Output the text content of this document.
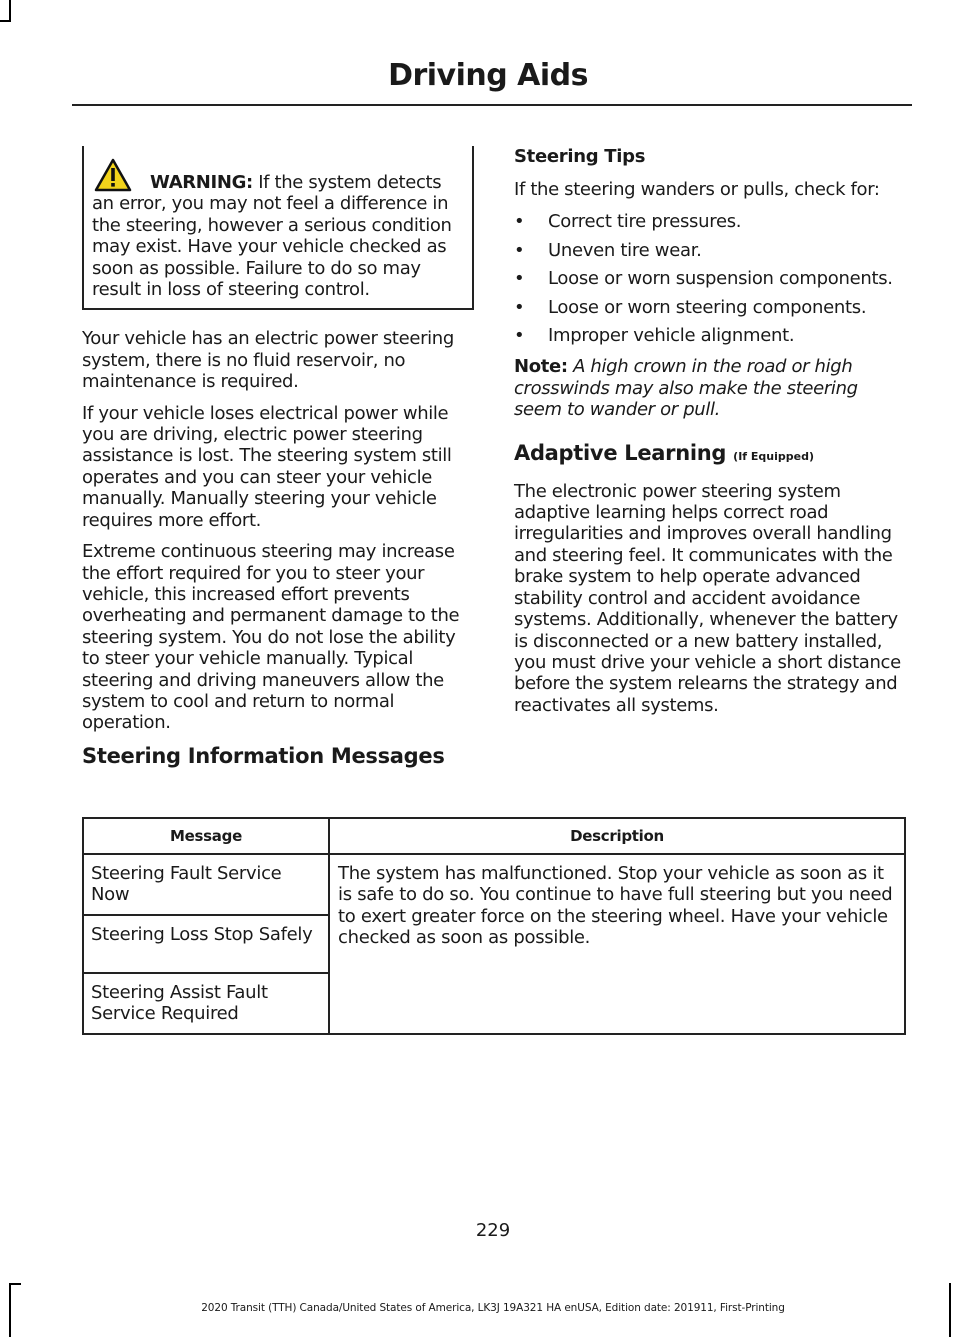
Driving Aids

WARNING: If the system detects an error, you may not feel a difference in the steering, however a serious condition may exist. Have your vehicle checked as soon as possible. Failure to do so may result in loss of steering control.

Your vehicle has an electric power steering system, there is no fluid reservoir, no maintenance is required.

If your vehicle loses electrical power while you are driving, electric power steering assistance is lost. The steering system still operates and you can steer your vehicle manually. Manually steering your vehicle requires more effort.

Extreme continuous steering may increase the effort required for you to steer your vehicle, this increased effort prevents overheating and permanent damage to the steering system. You do not lose the ability to steer your vehicle manually. Typical steering and driving maneuvers allow the system to cool and return to normal operation.

Steering Tips

If the steering wanders or pulls, check for:

• Correct tire pressures.
• Uneven tire wear.
• Loose or worn suspension components.
• Loose or worn steering components.
• Improper vehicle alignment.

Note: A high crown in the road or high crosswinds may also make the steering seem to wander or pull.

Adaptive Learning (If Equipped)

The electronic power steering system adaptive learning helps correct road irregularities and improves overall handling and steering feel. It communicates with the brake system to help operate advanced stability control and accident avoidance systems. Additionally, whenever the battery is disconnected or a new battery installed, you must drive your vehicle a short distance before the system relearns the strategy and reactivates all systems.

Steering Information Messages
Message	Description
Steering Fault Service Now	The system has malfunctioned. Stop your vehicle as soon as it is safe to do so. You continue to have full steering but you need to exert greater force on the steering wheel. Have your vehicle checked as soon as possible.
Steering Loss Stop Safely	
Steering Assist Fault Service Required	
229
2020 Transit (TTH) Canada/United States of America, LK3J 19A321 HA enUSA, Edition date: 201911, First-Printing
